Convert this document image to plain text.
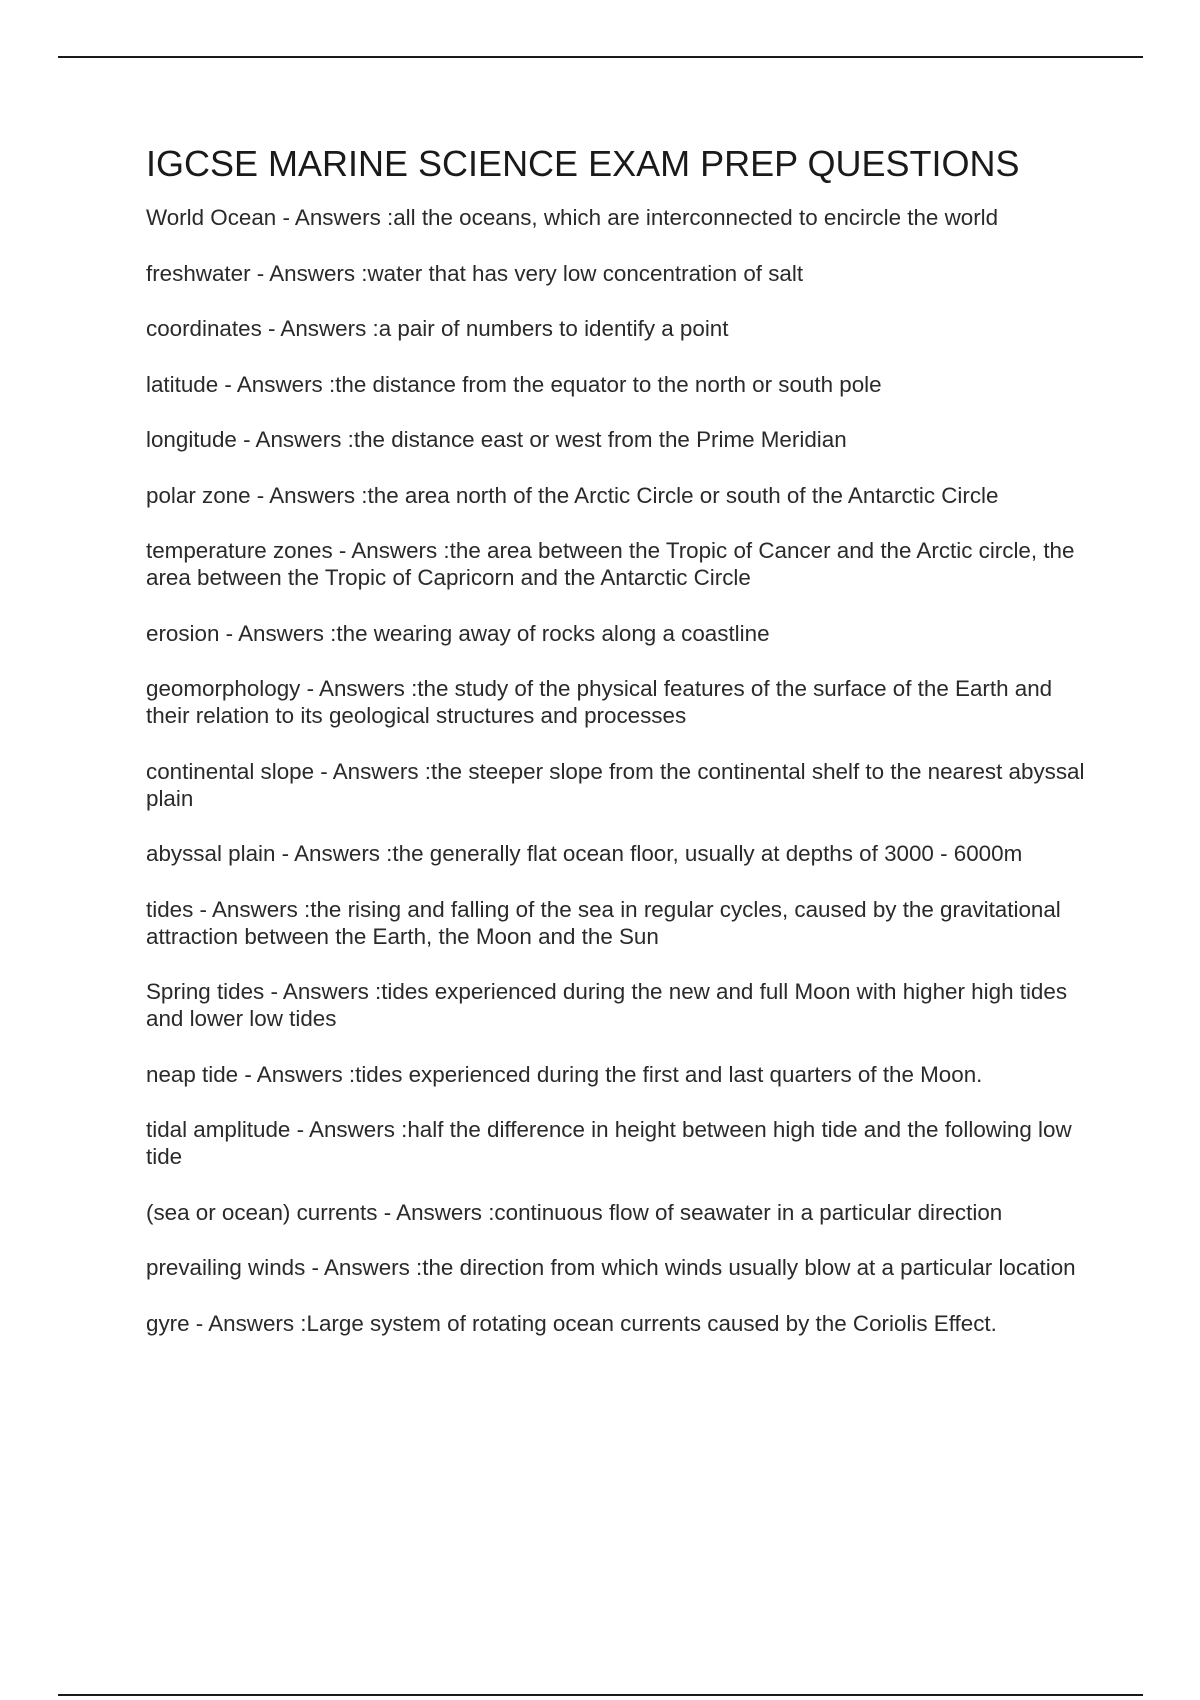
IGCSE MARINE SCIENCE EXAM PREP QUESTIONS
World Ocean - Answers :all the oceans, which are interconnected to encircle the world
freshwater - Answers :water that has very low concentration of salt
coordinates - Answers :a pair of numbers to identify a point
latitude - Answers :the distance from the equator to the north or south pole
longitude - Answers :the distance east or west from the Prime Meridian
polar zone - Answers :the area north of the Arctic Circle or south of the Antarctic Circle
temperature zones - Answers :the area between the Tropic of Cancer and the Arctic circle, the area between the Tropic of Capricorn and the Antarctic Circle
erosion - Answers :the wearing away of rocks along a coastline
geomorphology - Answers :the study of the physical features of the surface of the Earth and their relation to its geological structures and processes
continental slope - Answers :the steeper slope from the continental shelf to the nearest abyssal plain
abyssal plain - Answers :the generally flat ocean floor, usually at depths of 3000 - 6000m
tides - Answers :the rising and falling of the sea in regular cycles, caused by the gravitational attraction between the Earth, the Moon and the Sun
Spring tides - Answers :tides experienced during the new and full Moon with higher high tides and lower low tides
neap tide - Answers :tides experienced during the first and last quarters of the Moon.
tidal amplitude - Answers :half the difference in height between high tide and the following low tide
(sea or ocean) currents - Answers :continuous flow of seawater in a particular direction
prevailing winds - Answers :the direction from which winds usually blow at a particular location
gyre - Answers :Large system of rotating ocean currents caused by the Coriolis Effect.
